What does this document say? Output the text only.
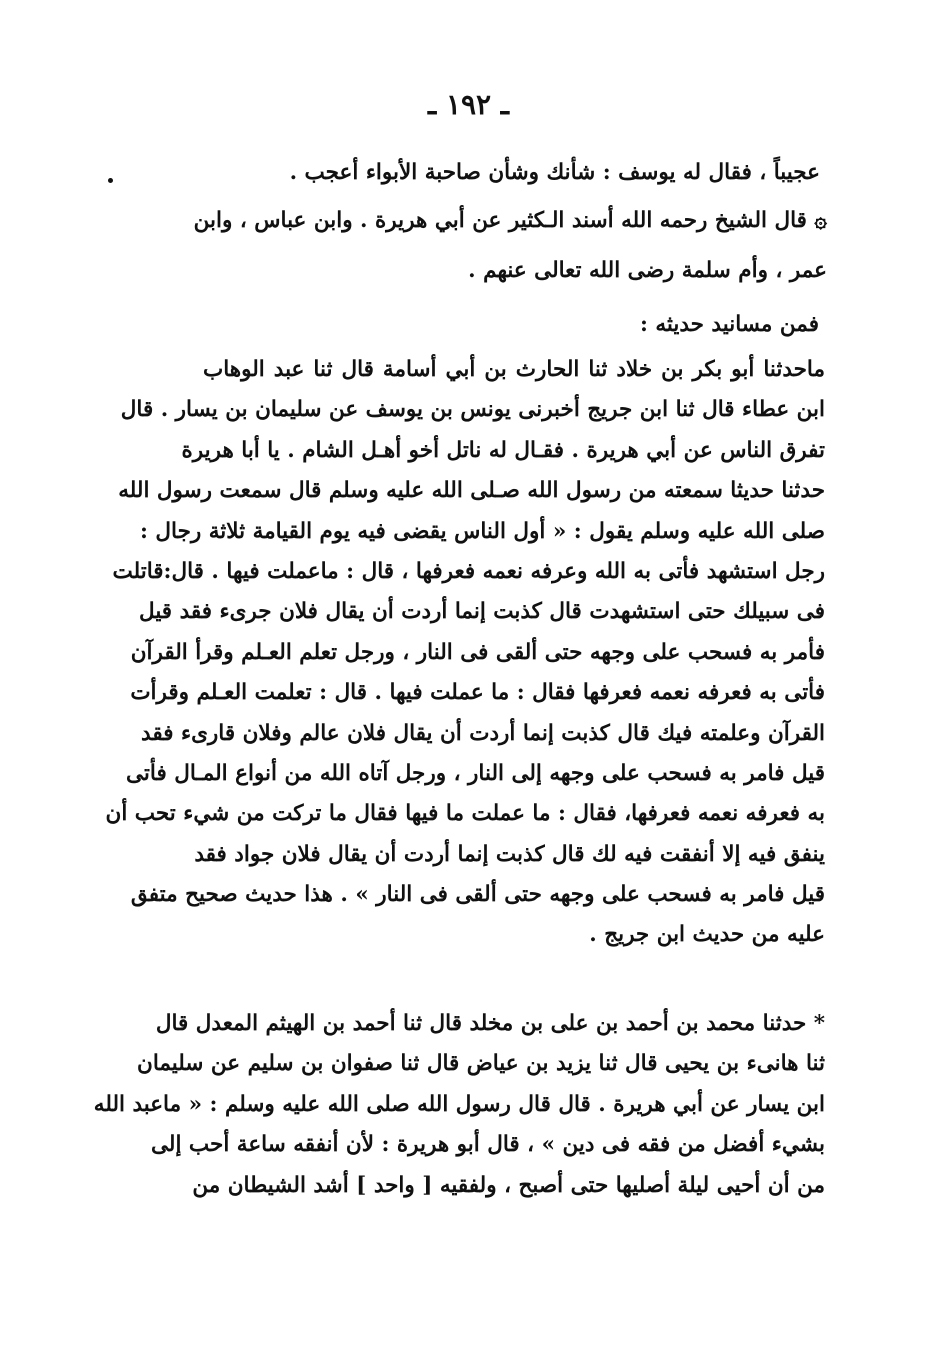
ـ ١٩٢ ـ
عجيباً ، فقال له يوسف : شأنك وشأن صاحبة الأبواء أعجب .
۞ قال الشيخ رحمه الله أسند الـكثير عن أبي هريرة . وابن عباس ، وابن
عمر ، وأم سلمة رضى الله تعالى عنهم .
فمن مسانيد حديثه :
ماحدثنا أبو بكر بن خلاد ثنا الحارث بن أبي أسامة قال ثنا عبد الوهاب
ابن عطاء قال ثنا ابن جريج أخبرنى يونس بن يوسف عن سليمان بن يسار . قال
تفرق الناس عن أبي هريرة . فقـال له ناتل أخو أهـل الشام . يا أبا هريرة
حدثنا حديثا سمعته من رسول الله صـلى الله عليه وسلم قال سمعت رسول الله
صلى الله عليه وسلم يقول : « أول الناس يقضى فيه يوم القيامة ثلاثة رجال :
رجل استشهد فأتى به الله وعرفه نعمه فعرفها ، قال : ماعملت فيها . قال:قاتلت
فى سبيلك حتى استشهدت قال كذبت إنما أردت أن يقال فلان جرىء فقد قيل
فأمر به فسحب على وجهه حتى ألقى فى النار ، ورجل تعلم العـلم وقرأ القرآن
فأتى به فعرفه نعمه فعرفها فقال : ما عملت فيها . قال : تعلمت العـلم وقرأت
القرآن وعلمته فيك قال كذبت إنما أردت أن يقال فلان عالم وفلان قارىء فقد
قيل فامر به فسحب على وجهه إلى النار ، ورجل آتاه الله من أنواع المـال فأتى
به فعرفه نعمه فعرفها، فقال : ما عملت ما فيها فقال ما تركت من شيء تحب أن
ينفق فيه إلا أنفقت فيه لك قال كذبت إنما أردت أن يقال فلان جواد فقد
قيل فامر به فسحب على وجهه حتى ألقى فى النار » . هذا حديث صحيح متفق
عليه من حديث ابن جريج .
* حدثنا محمد بن أحمد بن على بن مخلد قال ثنا أحمد بن الهيثم المعدل قال
ثنا هانىء بن يحيى قال ثنا يزيد بن عياض قال ثنا صفوان بن سليم عن سليمان
ابن يسار عن أبي هريرة . قال قال رسول الله صلى الله عليه وسلم : « ماعبد الله
بشيء أفضل من فقه فى دين » ، قال أبو هريرة : لأن أنفقه ساعة أحب إلى
من أن أحيى ليلة أصليها حتى أصبح ، ولفقيه [ واحد ] أشد الشيطان من
